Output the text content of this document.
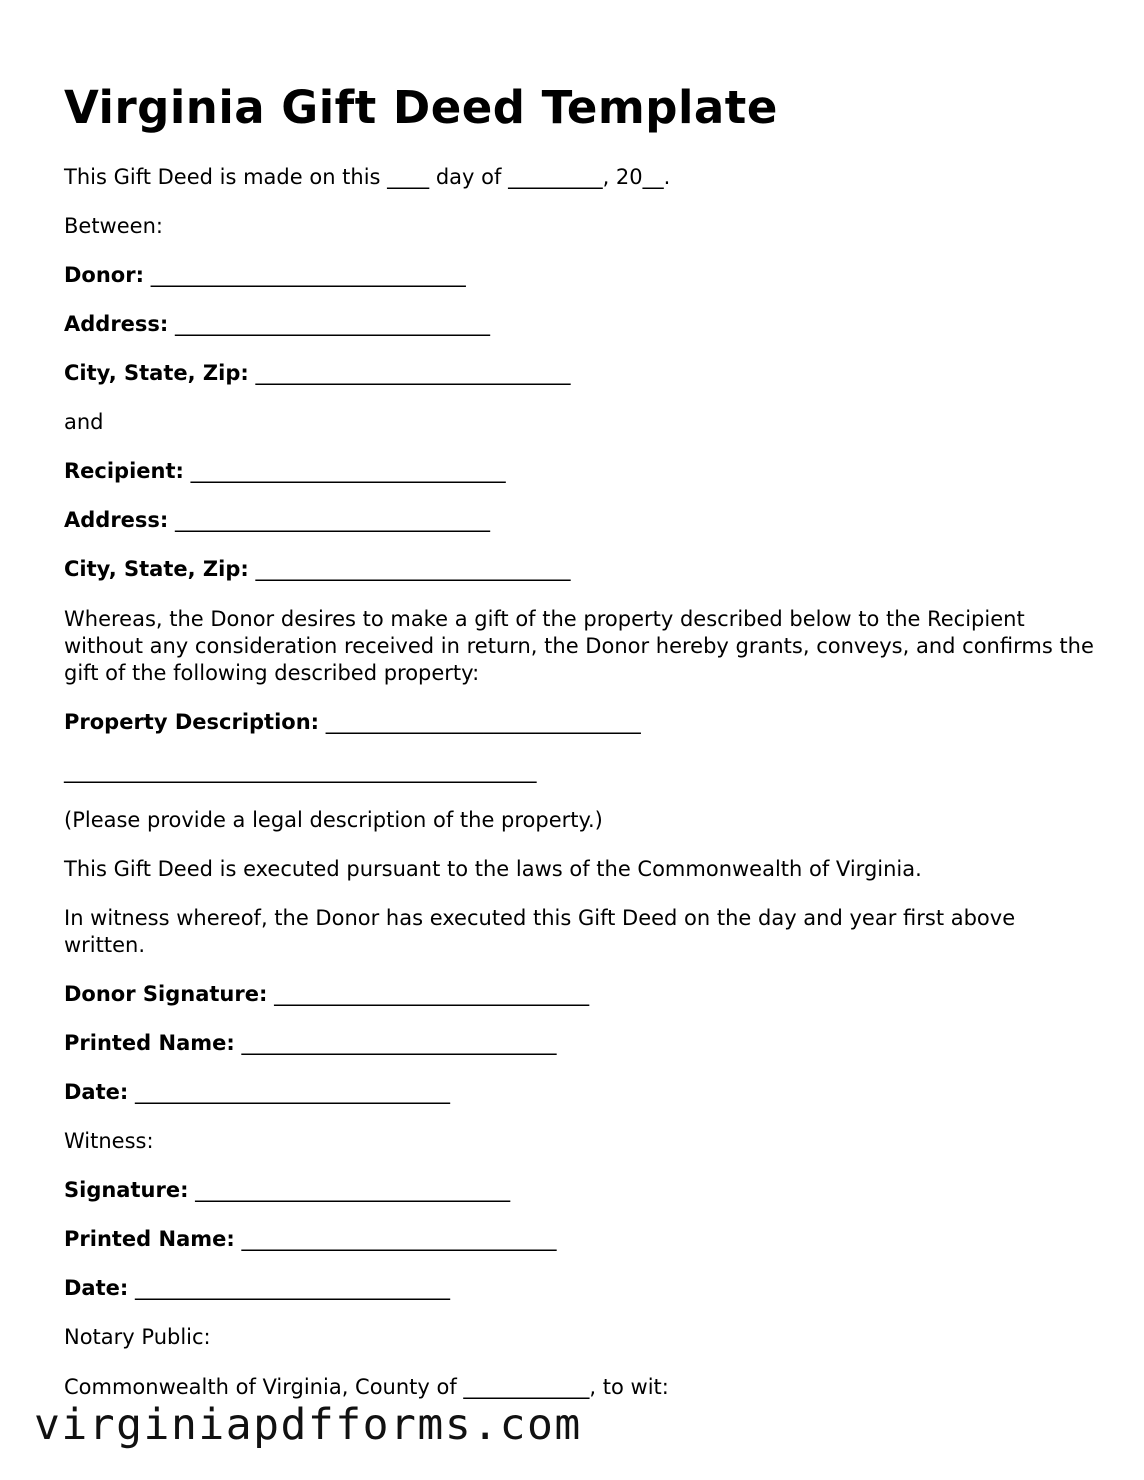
Virginia Gift Deed Template
This Gift Deed is made on this ____ day of _________, 20__.
Between:
Donor: ______________________________
Address: ______________________________
City, State, Zip: ______________________________
and
Recipient: ______________________________
Address: ______________________________
City, State, Zip: ______________________________
Whereas, the Donor desires to make a gift of the property described below to the Recipient without any consideration received in return, the Donor hereby grants, conveys, and confirms the gift of the following described property:
Property Description: ______________________________
_____________________________________________
(Please provide a legal description of the property.)
This Gift Deed is executed pursuant to the laws of the Commonwealth of Virginia.
In witness whereof, the Donor has executed this Gift Deed on the day and year first above written.
Donor Signature: ______________________________
Printed Name: ______________________________
Date: ______________________________
Witness:
Signature: ______________________________
Printed Name: ______________________________
Date: ______________________________
Notary Public:
Commonwealth of Virginia, County of ____________, to wit:
virginiapdfforms.com
